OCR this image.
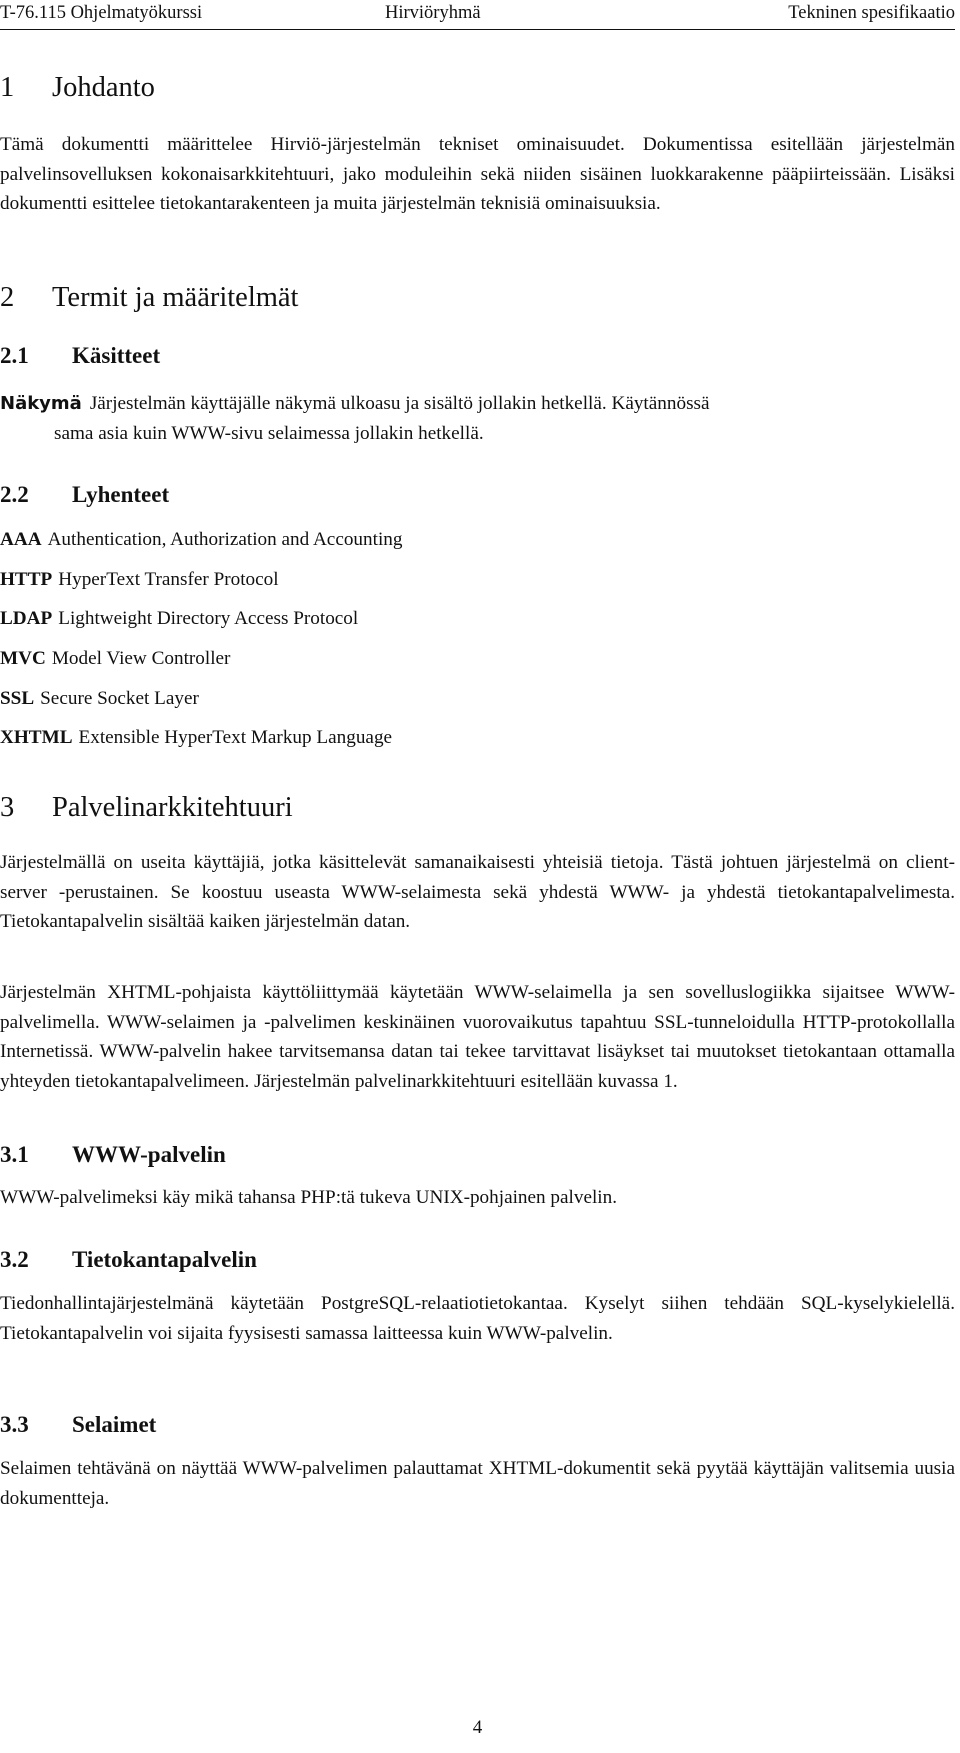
T-76.115 Ohjelmatyökurssi	Hirviöryhmä	Tekninen spesifikaatio
1 Johdanto

Tämä dokumentti määrittelee Hirviö-järjestelmän tekniset ominaisuudet. Dokumentissa esitellään järjestelmän palvelinsovelluksen kokonaisarkkitehtuuri, jako moduleihin sekä niiden sisäinen luokkarakenne pääpiirteissään. Lisäksi dokumentti esittelee tietokantarakenteen ja muita järjestelmän teknisiä ominaisuuksia.

2 Termit ja määritelmät
2.1 Käsitteet
Näkymä Järjestelmän käyttäjälle näkymä ulkoasu ja sisältö jollakin hetkellä. Käytännössä
sama asia kuin WWW-sivu selaimessa jollakin hetkellä.
2.2 Lyhenteet
AAA Authentication, Authorization and Accounting
HTTP HyperText Transfer Protocol
LDAP Lightweight Directory Access Protocol
MVC Model View Controller
SSL Secure Socket Layer
XHTML Extensible HyperText Markup Language
3 Palvelinarkkitehtuuri

Järjestelmällä on useita käyttäjiä, jotka käsittelevät samanaikaisesti yhteisiä tietoja. Tästä johtuen järjestelmä on client-server -perustainen. Se koostuu useasta WWW-selaimesta sekä yhdestä WWW- ja yhdestä tietokantapalvelimesta. Tietokantapalvelin sisältää kaiken järjestelmän datan.

Järjestelmän XHTML-pohjaista käyttöliittymää käytetään WWW-selaimella ja sen sovelluslogiikka sijaitsee WWW-palvelimella. WWW-selaimen ja -palvelimen keskinäinen vuorovaikutus tapahtuu SSL-tunneloidulla HTTP-protokollalla Internetissä. WWW-palvelin hakee tarvitsemansa datan tai tekee tarvittavat lisäykset tai muutokset tietokantaan ottamalla yhteyden tietokantapalvelimeen. Järjestelmän palvelinarkkitehtuuri esitellään kuvassa 1.

3.1 WWW-palvelin

WWW-palvelimeksi käy mikä tahansa PHP:tä tukeva UNIX-pohjainen palvelin.

3.2 Tietokantapalvelin

Tiedonhallintajärjestelmänä käytetään PostgreSQL-relaatiotietokantaa. Kyselyt siihen tehdään SQL-kyselykielellä. Tietokantapalvelin voi sijaita fyysisesti samassa laitteessa kuin WWW-palvelin.

3.3 Selaimet

Selaimen tehtävänä on näyttää WWW-palvelimen palauttamat XHTML-dokumentit sekä pyytää käyttäjän valitsemia uusia dokumentteja.

4
